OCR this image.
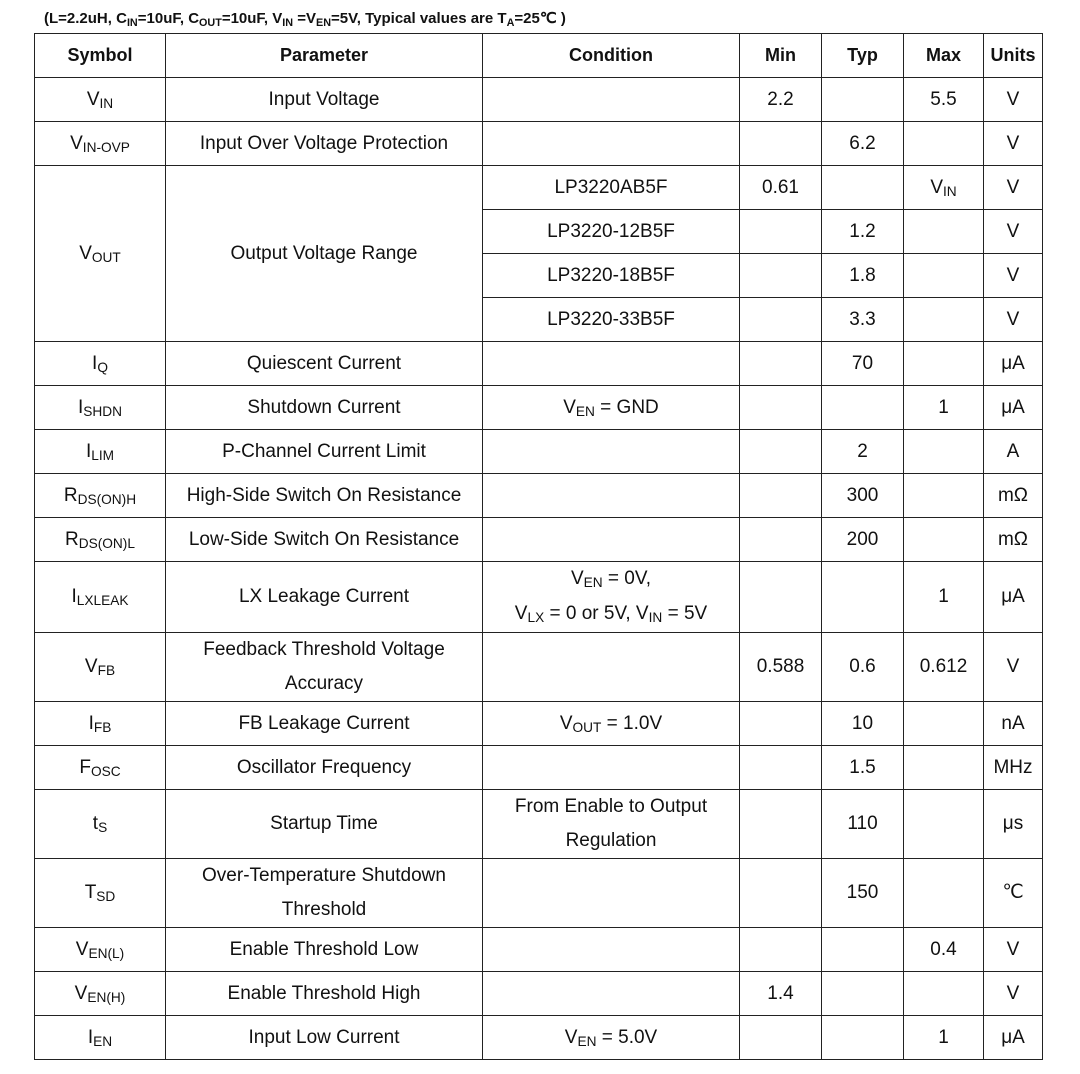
(L=2.2uH, $C_{IN}=10uF$, $C_{OUT}=10uF$, $V_{IN} =V_{EN}=5V$, Typical values are $T_A=25℃$ )
Symbol	Parameter	Condition	Min	Typ	Max	Units
$V_{IN}$	Input Voltage		2.2		5.5	V
$V_{IN-OVP}$	Input Over Voltage Protection			6.2		V
$V_{OUT}$	Output Voltage Range	LP3220AB5F	0.61		$V_{IN}$	V
		LP3220-12B5F		1.2		V
		LP3220-18B5F		1.8		V
		LP3220-33B5F		3.3		V
$I_Q$	Quiescent Current			70		μA
$I_{SHDN}$	Shutdown Current	$V_{EN}$ = GND			1	μA
$I_{LIM}$	P-Channel Current Limit			2		A
$R_{DS(ON)H}$	High-Side Switch On Resistance			300		mΩ
$R_{DS(ON)L}$	Low-Side Switch On Resistance			200		mΩ
$I_{LXLEAK}$	LX Leakage Current	$V_{EN} = 0V$,
$V_{LX} = 0$ or 5V, $V_{IN} = 5V$			1	μA
$V_{FB}$	Feedback Threshold Voltage
Accuracy		0.588	0.6	0.612	V
$I_{FB}$	FB Leakage Current	$V_{OUT} = 1.0V$		10		nA
$F_{OSC}$	Oscillator Frequency			1.5		MHz
$t_S$	Startup Time	From Enable to Output
Regulation		110		μs
$T_{SD}$	Over-Temperature Shutdown
Threshold			150		℃
$V_{EN(L)}$	Enable Threshold Low				0.4	V
$V_{EN(H)}$	Enable Threshold High		1.4			V
$I_{EN}$	Input Low Current	$V_{EN} = 5.0V$			1	μA
